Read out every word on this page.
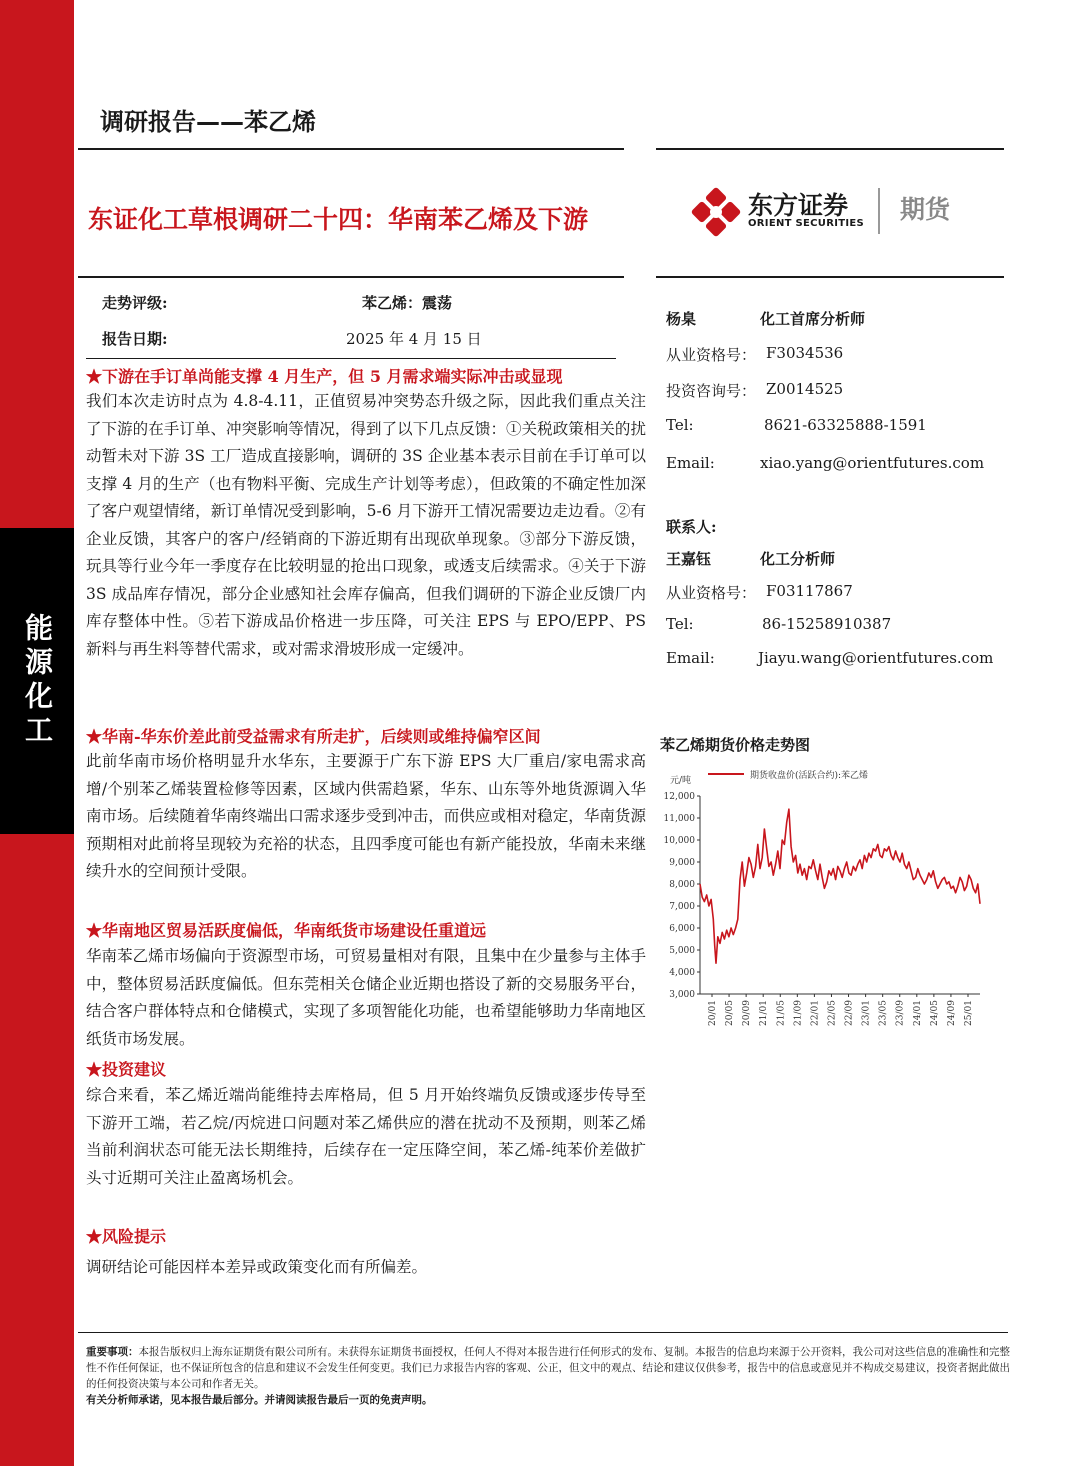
能源化工
调研报告——苯乙烯
东证化工草根调研二十四：华南苯乙烯及下游	东方证券
ORIENT SECURITIES 期货
走势评级:	苯乙烯：震荡
报告日期:	2025 年 4 月 15 日
★下游在手订单尚能支撑 4 月生产，但 5 月需求端实际冲击或显现
我们本次走访时点为 4.8-4.11，正值贸易冲突势态升级之际，因此我们重点关注了下游的在手订单、冲突影响等情况，得到了以下几点反馈：①关税政策相关的扰动暂未对下游 3S 工厂造成直接影响，调研的 3S 企业基本表示目前在手订单可以支撑 4 月的生产（也有物料平衡、完成生产计划等考虑），但政策的不确定性加深了客户观望情绪，新订单情况受到影响，5-6 月下游开工情况需要边走边看。②有企业反馈，其客户的客户/经销商的下游近期有出现砍单现象。③部分下游反馈，玩具等行业今年一季度存在比较明显的抢出口现象，或透支后续需求。④关于下游 3S 成品库存情况，部分企业感知社会库存偏高，但我们调研的下游企业反馈厂内库存整体中性。⑤若下游成品价格进一步压降，可关注 EPS 与 EPO/EPP、PS 新料与再生料等替代需求，或对需求滑坡形成一定缓冲。
★华南-华东价差此前受益需求有所走扩，后续则或维持偏窄区间
此前华南市场价格明显升水华东，主要源于广东下游 EPS 大厂重启/家电需求高增/个别苯乙烯装置检修等因素，区域内供需趋紧，华东、山东等外地货源调入华南市场。后续随着华南终端出口需求逐步受到冲击，而供应或相对稳定，华南货源预期相对此前将呈现较为充裕的状态，且四季度可能也有新产能投放，华南未来继续升水的空间预计受限。
★华南地区贸易活跃度偏低，华南纸货市场建设任重道远
华南苯乙烯市场偏向于资源型市场，可贸易量相对有限，且集中在少量参与主体手中，整体贸易活跃度偏低。但东莞相关仓储企业近期也搭设了新的交易服务平台，结合客户群体特点和仓储模式，实现了多项智能化功能，也希望能够助力华南地区纸货市场发展。
★投资建议
综合来看，苯乙烯近端尚能维持去库格局，但 5 月开始终端负反馈或逐步传导至下游开工端，若乙烷/丙烷进口问题对苯乙烯供应的潜在扰动不及预期，则苯乙烯当前利润状态可能无法长期维持，后续存在一定压降空间，苯乙烯-纯苯价差做扩头寸近期可关注止盈离场机会。
★风险提示
调研结论可能因样本差异或政策变化而有所偏差。
杨臬	化工首席分析师
从业资格号： F3034536
投资咨询号： Z0014525
Tel:	8621-63325888-1591
Email:	xiao.yang@orientfutures.com
联系人:
王嘉钰	化工分析师
从业资格号： F03117867
Tel:	86-15258910387
Email:	Jiayu.wang@orientfutures.com
苯乙烯期货价格走势图
元/吨	期货收盘价(活跃合约):苯乙烯
3,000
4,000
5,000
6,000
7,000
8,000
9,000
10,000
11,000
12,000
20/01 20/05 20/09 21/01 21/05 21/09 22/01 22/05 22/09 23/01 23/05 23/09 24/01 24/05 24/09 25/01
重要事项：本报告版权归上海东证期货有限公司所有。未获得东证期货书面授权，任何人不得对本报告进行任何形式的发布、复制。本报告的信息均来源于公开资料，我公司对这些信息的准确性和完整性不作任何保证，也不保证所包含的信息和建议不会发生任何变更。我们已力求报告内容的客观、公正，但文中的观点、结论和建议仅供参考，报告中的信息或意见并不构成交易建议，投资者据此做出的任何投资决策与本公司和作者无关。
有关分析师承诺，见本报告最后部分。并请阅读报告最后一页的免责声明。
